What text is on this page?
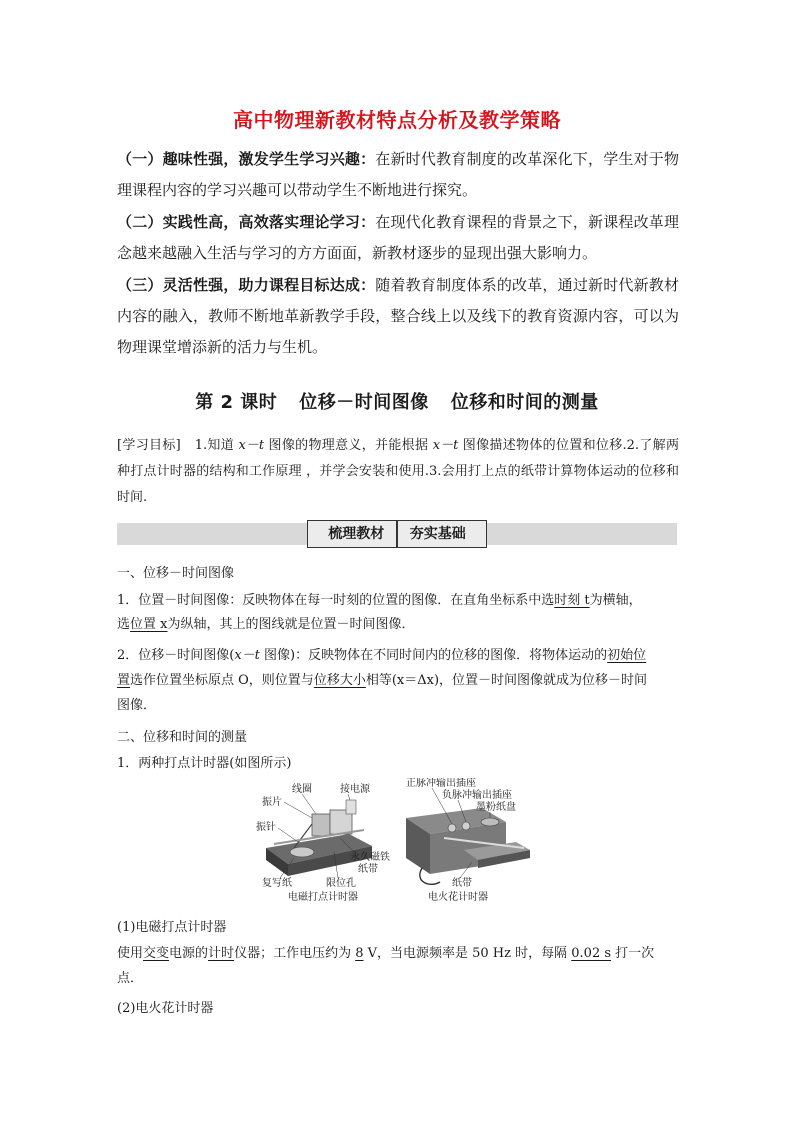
高中物理新教材特点分析及教学策略
（一）趣味性强，激发学生学习兴趣：在新时代教育制度的改革深化下，学生对于物理课程内容的学习兴趣可以带动学生不断地进行探究。
（二）实践性高，高效落实理论学习：在现代化教育课程的背景之下，新课程改革理念越来越融入生活与学习的方方面面，新教材逐步的显现出强大影响力。
（三）灵活性强，助力课程目标达成：随着教育制度体系的改革，通过新时代新教材内容的融入，教师不断地革新教学手段，整合线上以及线下的教育资源内容，可以为物理课堂增添新的活力与生机。
第 2 课时 位移－时间图像 位移和时间的测量
[学习目标] 1.知道 x－t 图像的物理意义，并能根据 x－t 图像描述物体的位置和位移.2.了解两种打点计时器的结构和工作原理 ，并学会安装和使用.3.会用打上点的纸带计算物体运动的位移和时间.
梳理教材 夯实基础
一、位移－时间图像
1．位置－时间图像：反映物体在每一时刻的位置的图像．在直角坐标系中选时刻 t为横轴，
选位置 x为纵轴，其上的图线就是位置－时间图像．
2．位移－时间图像(x－t 图像)：反映物体在不同时间内的位移的图像．将物体运动的初始位
置选作位置坐标原点 O，则位置与位移大小相等(x＝Δx)，位置－时间图像就成为位移－时间
图像．
二、位移和时间的测量
1．两种打点计时器(如图所示)
线圈	接电源
振片
振针
永久磁铁
纸带
复写纸	限位孔
电磁打点计时器
正脉冲输出插座
负脉冲输出插座
墨粉纸盘
纸带
电火花计时器
(1)电磁打点计时器
使用交变电源的计时仪器；工作电压约为 8 V，当电源频率是 50 Hz 时，每隔 0.02 s 打一次
点．
(2)电火花计时器
